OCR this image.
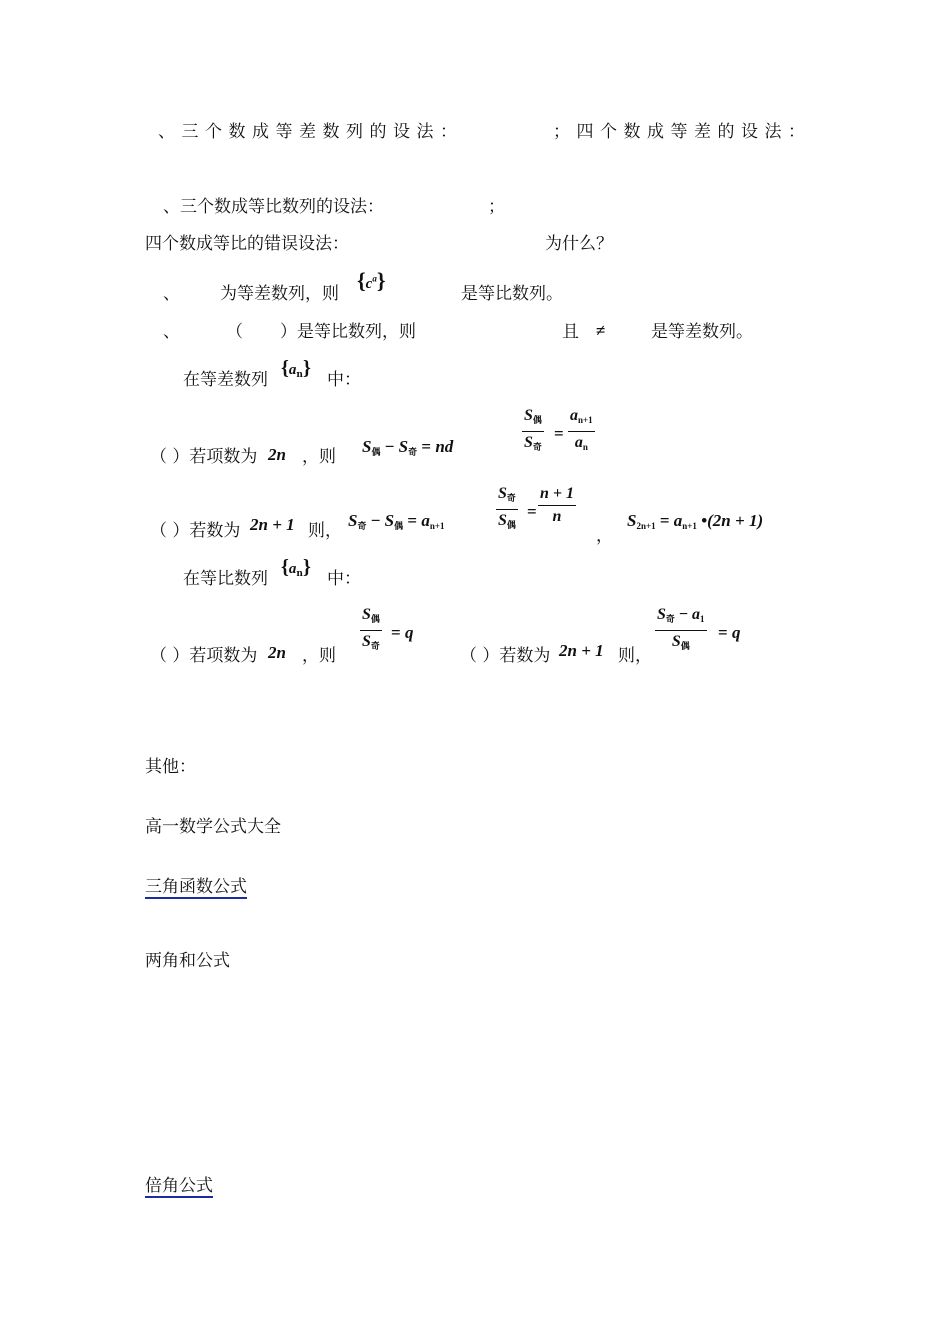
、三个数成等差数列的设法：	；四个数成等差的设法：
、三个数成等比数列的设法：	；
四个数成等比的错误设法：	为什么？
、 为等差数列，则
$\{c^a\}$
是等比数列。
、	（ ）是等比数列，则	且 ≠	是等差数列。
在等差数列
$\{a_n\}$
中：
（ ）若项数为 2n ，则
$S_偶 - S_奇$ = nd
$S_偶$
$S_奇$
=
$a_{n+1}$
$a_n$
（ ）若数为 2n + 1 则，
$S_奇 - S_偶 = a_{n+1}$
$S_奇$
$S_偶$
=
n + 1
n
，
$S_{2n+1} = a_{n+1}$ •(2n + 1)
在等比数列
$\{a_n\}$
中：
（ ）若项数为 2n ，则
$S_偶$
$S_奇$
= q
（ ）若数为 2n + 1 则，
$S_奇 - a_1$
$S_偶$
= q
其他：
高一数学公式大全
三角函数公式
两角和公式
倍角公式
